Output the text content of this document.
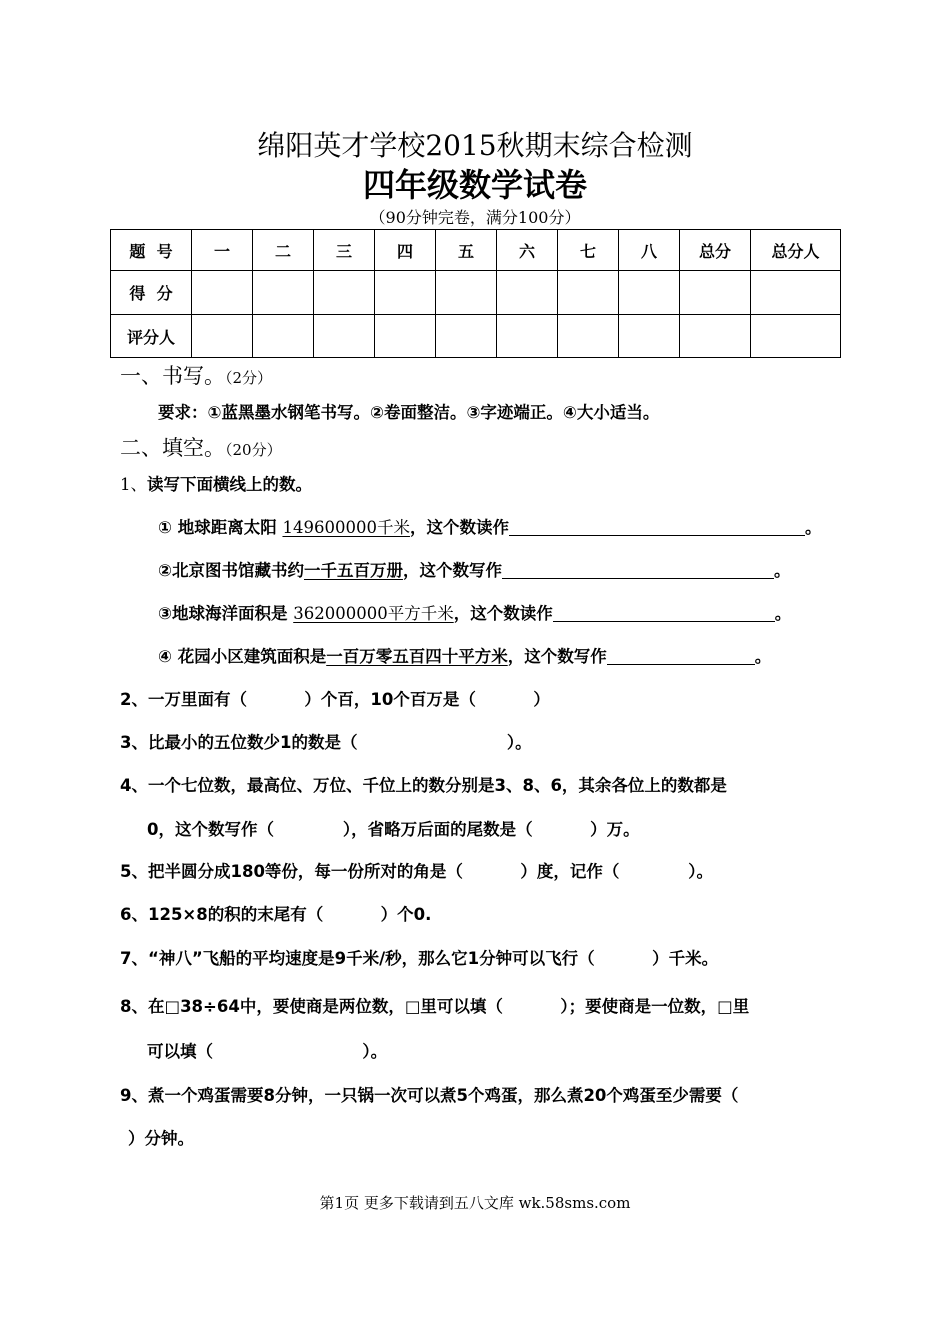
绵阳英才学校2015秋期末综合检测
四年级数学试卷
（90分钟完卷，满分100分）
题  号	一	二	三	四	五	六	七	八	总分	总分人
得  分										
评分人										
一、书写。（2分）
要求：①蓝黑墨水钢笔书写。②卷面整洁。③字迹端正。④大小适当。
二、填空。（20分）
1、读写下面横线上的数。
① 地球距离太阳 149600000千米，这个数读作	。
②北京图书馆藏书约一千五百万册，这个数写作	。
③地球海洋面积是 362000000平方千米，这个数读作	。
④ 花园小区建筑面积是一百万零五百四十平方米，这个数写作	。
2、一万里面有（          ）个百，10个百万是（          ）
3、比最小的五位数少1的数是（                          ）。
4、一个七位数，最高位、万位、千位上的数分别是3、8、6，其余各位上的数都是
0，这个数写作（            ），省略万后面的尾数是（          ）万。
5、把半圆分成180等份，每一份所对的角是（          ）度，记作（            ）。
6、125×8的积的末尾有（          ）个0.
7、“神八”飞船的平均速度是9千米/秒，那么它1分钟可以飞行（          ）千米。
8、在□38÷64中，要使商是两位数，□里可以填（          ）；要使商是一位数，□里
可以填（                          ）。
9、煮一个鸡蛋需要8分钟，一只锅一次可以煮5个鸡蛋，那么煮20个鸡蛋至少需要（
）分钟。
第1页 更多下载请到五八文库 wk.58sms.com
